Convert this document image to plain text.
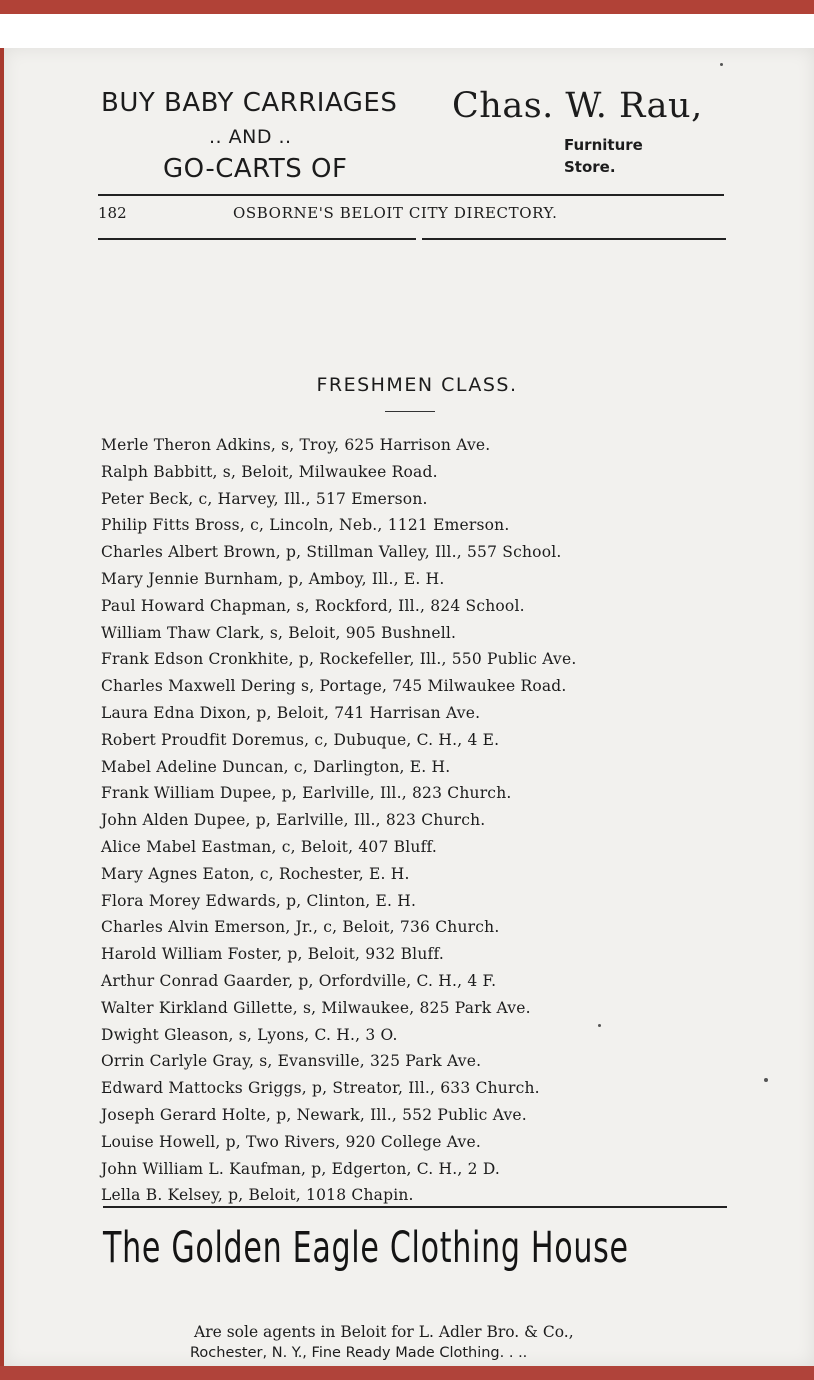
BUY BABY CARRIAGES
.. AND ..
GO-CARTS OF
Chas. W. Rau,
Furniture
Store.
182	OSBORNE'S BELOIT CITY DIRECTORY.
FRESHMEN CLASS.
Merle Theron Adkins, s, Troy, 625 Harrison Ave.
Ralph Babbitt, s, Beloit, Milwaukee Road.
Peter Beck, c, Harvey, Ill., 517 Emerson.
Philip Fitts Bross, c, Lincoln, Neb., 1121 Emerson.
Charles Albert Brown, p, Stillman Valley, Ill., 557 School.
Mary Jennie Burnham, p, Amboy, Ill., E. H.
Paul Howard Chapman, s, Rockford, Ill., 824 School.
William Thaw Clark, s, Beloit, 905 Bushnell.
Frank Edson Cronkhite, p, Rockefeller, Ill., 550 Public Ave.
Charles Maxwell Dering s, Portage, 745 Milwaukee Road.
Laura Edna Dixon, p, Beloit, 741 Harrisan Ave.
Robert Proudfit Doremus, c, Dubuque, C. H., 4 E.
Mabel Adeline Duncan, c, Darlington, E. H.
Frank William Dupee, p, Earlville, Ill., 823 Church.
John Alden Dupee, p, Earlville, Ill., 823 Church.
Alice Mabel Eastman, c, Beloit, 407 Bluff.
Mary Agnes Eaton, c, Rochester, E. H.
Flora Morey Edwards, p, Clinton, E. H.
Charles Alvin Emerson, Jr., c, Beloit, 736 Church.
Harold William Foster, p, Beloit, 932 Bluff.
Arthur Conrad Gaarder, p, Orfordville, C. H., 4 F.
Walter Kirkland Gillette, s, Milwaukee, 825 Park Ave.
Dwight Gleason, s, Lyons, C. H., 3 O.
Orrin Carlyle Gray, s, Evansville, 325 Park Ave.
Edward Mattocks Griggs, p, Streator, Ill., 633 Church.
Joseph Gerard Holte, p, Newark, Ill., 552 Public Ave.
Louise Howell, p, Two Rivers, 920 College Ave.
John William L. Kaufman, p, Edgerton, C. H., 2 D.
Lella B. Kelsey, p, Beloit, 1018 Chapin.
The Golden Eagle Clothing House
Are sole agents in Beloit for L. Adler Bro. & Co.,
Rochester, N. Y., Fine Ready Made Clothing. . ..
